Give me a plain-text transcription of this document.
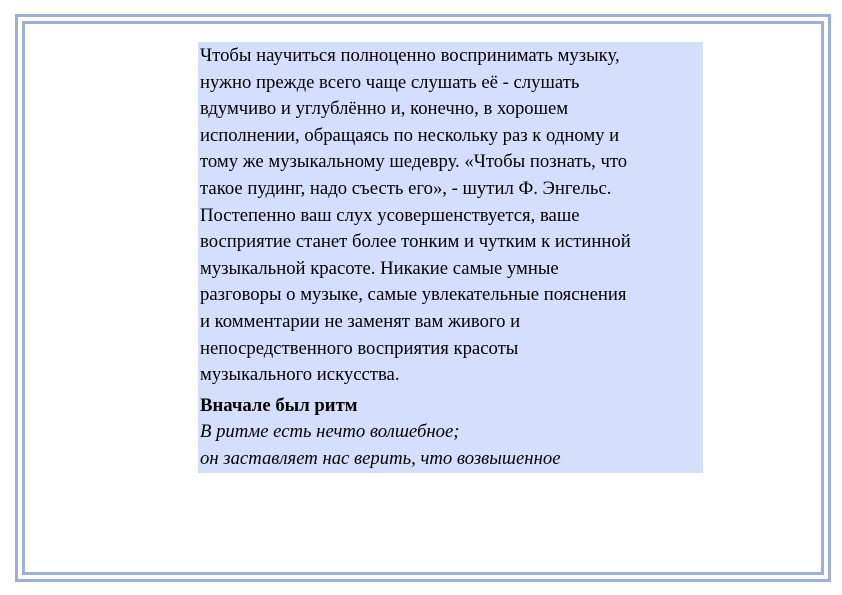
Чтобы научиться полноценно воспринимать музыку,
нужно прежде всего чаще слушать её - слушать
вдумчиво и углублённо и, конечно, в хорошем
исполнении, обращаясь по нескольку раз к одному и
тому же музыкальному шедевру. «Чтобы познать, что
такое пудинг, надо съесть его», - шутил Ф. Энгельс.
Постепенно ваш слух усовершенствуется, ваше
восприятие станет более тонким и чутким к истинной
музыкальной красоте. Никакие самые умные
разговоры о музыке, самые увлекательные пояснения
и комментарии не заменят вам живого и
непосредственного восприятия красоты
музыкального искусства.

Вначале был ритм

В ритме есть нечто волшебное;

он заставляет нас верить, что возвышенное
